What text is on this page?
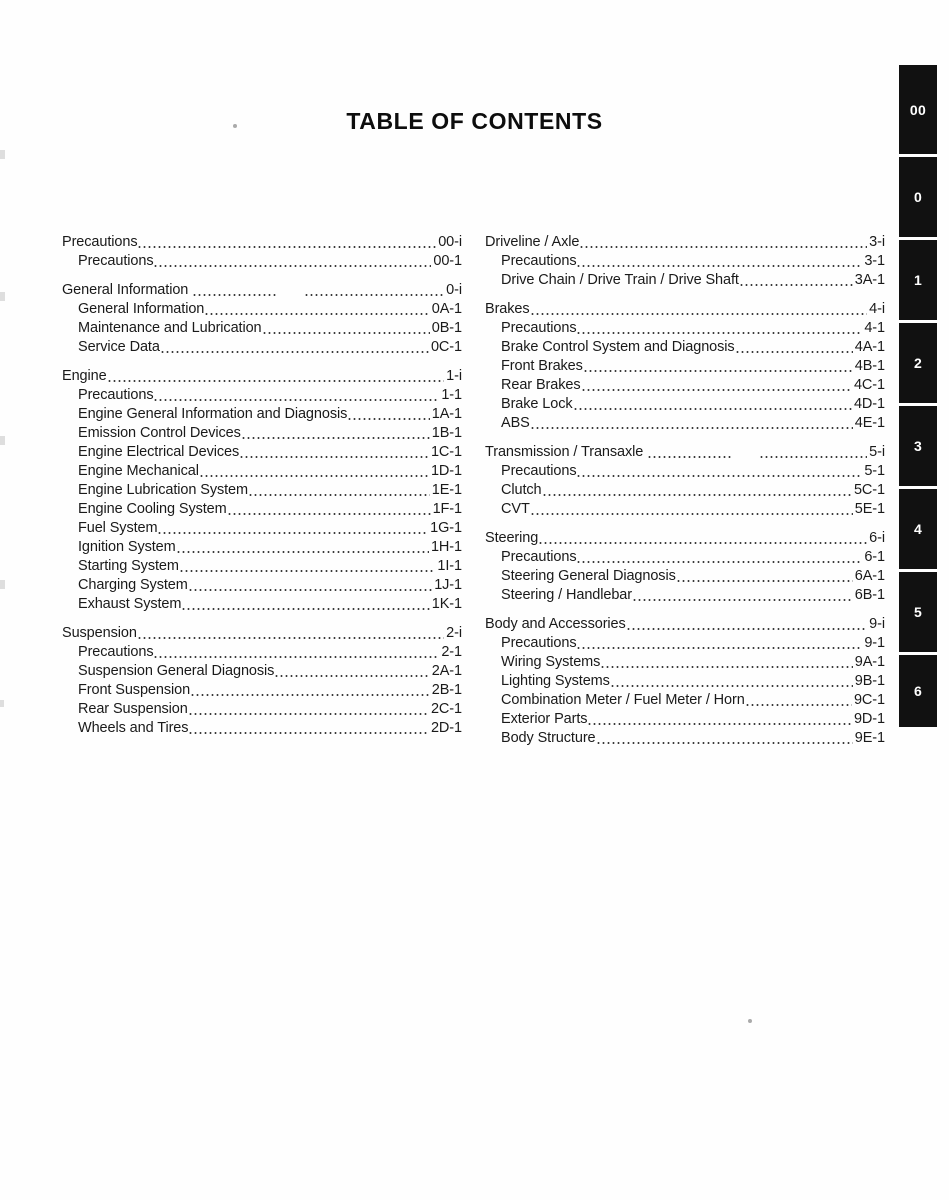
TABLE OF CONTENTS
Precautions	00-i
Precautions	00-1
General Information	0-i
General Information	0A-1
Maintenance and Lubrication	0B-1
Service Data	0C-1
Engine	1-i
Precautions	1-1
Engine General Information and Diagnosis	1A-1
Emission Control Devices	1B-1
Engine Electrical Devices	1C-1
Engine Mechanical	1D-1
Engine Lubrication System	1E-1
Engine Cooling System	1F-1
Fuel System	1G-1
Ignition System	1H-1
Starting System	1I-1
Charging System	1J-1
Exhaust System	1K-1
Suspension	2-i
Precautions	2-1
Suspension General Diagnosis	2A-1
Front Suspension	2B-1
Rear Suspension	2C-1
Wheels and Tires	2D-1
Driveline / Axle	3-i
Precautions	3-1
Drive Chain / Drive Train / Drive Shaft	3A-1
Brakes	4-i
Precautions	4-1
Brake Control System and Diagnosis	4A-1
Front Brakes	4B-1
Rear Brakes	4C-1
Brake Lock	4D-1
ABS	4E-1
Transmission / Transaxle	5-i
Precautions	5-1
Clutch	5C-1
CVT	5E-1
Steering	6-i
Precautions	6-1
Steering General Diagnosis	6A-1
Steering / Handlebar	6B-1
Body and Accessories	9-i
Precautions	9-1
Wiring Systems	9A-1
Lighting Systems	9B-1
Combination Meter / Fuel Meter / Horn	9C-1
Exterior Parts	9D-1
Body Structure	9E-1
00
0
1
2
3
4
5
6
